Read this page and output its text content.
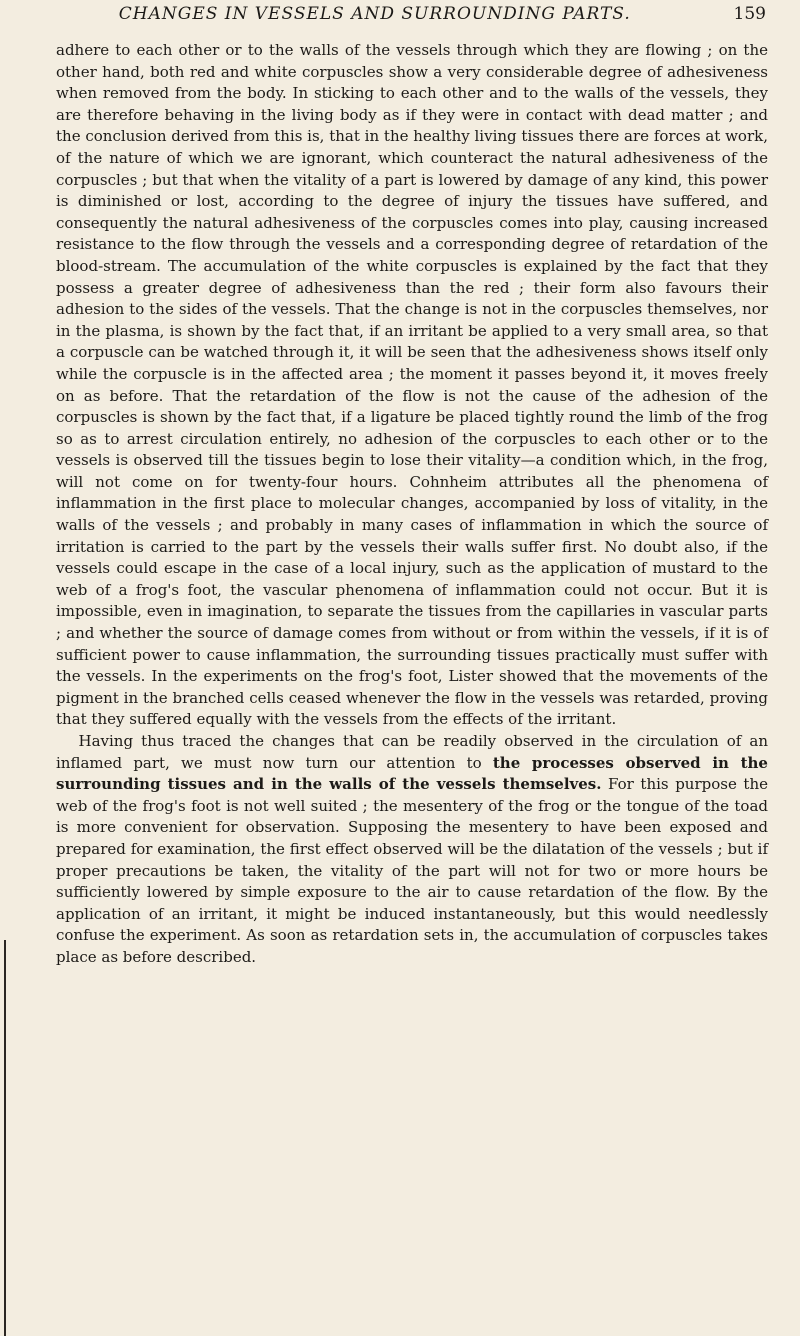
CHANGES IN VESSELS AND SURROUNDING PARTS.	159

adhere to each other or to the walls of the vessels through which they are flowing ; on the other hand, both red and white corpuscles show a very considerable degree of adhesiveness when removed from the body. In sticking to each other and to the walls of the vessels, they are therefore behaving in the living body as if they were in contact with dead matter ; and the conclusion derived from this is, that in the healthy living tissues there are forces at work, of the nature of which we are ignorant, which counteract the natural adhesiveness of the corpuscles ; but that when the vitality of a part is lowered by damage of any kind, this power is diminished or lost, according to the degree of injury the tissues have suffered, and consequently the natural adhesiveness of the corpuscles comes into play, causing increased resistance to the flow through the vessels and a corresponding degree of retardation of the blood-stream. The accumulation of the white corpuscles is explained by the fact that they possess a greater degree of adhesiveness than the red ; their form also favours their adhesion to the sides of the vessels. That the change is not in the corpuscles themselves, nor in the plasma, is shown by the fact that, if an irritant be applied to a very small area, so that a corpuscle can be watched through it, it will be seen that the adhesiveness shows itself only while the corpuscle is in the affected area ; the moment it passes beyond it, it moves freely on as before. That the retardation of the flow is not the cause of the adhesion of the corpuscles is shown by the fact that, if a ligature be placed tightly round the limb of the frog so as to arrest circulation entirely, no adhesion of the corpuscles to each other or to the vessels is observed till the tissues begin to lose their vitality—a condition which, in the frog, will not come on for twenty-four hours. Cohnheim attributes all the phenomena of inflammation in the first place to molecular changes, accompanied by loss of vitality, in the walls of the vessels ; and probably in many cases of inflammation in which the source of irritation is carried to the part by the vessels their walls suffer first. No doubt also, if the vessels could escape in the case of a local injury, such as the application of mustard to the web of a frog's foot, the vascular phenomena of inflammation could not occur. But it is impossible, even in imagination, to separate the tissues from the capillaries in vascular parts ; and whether the source of damage comes from without or from within the vessels, if it is of sufficient power to cause inflammation, the surrounding tissues practically must suffer with the vessels. In the experiments on the frog's foot, Lister showed that the movements of the pigment in the branched cells ceased whenever the flow in the vessels was retarded, proving that they suffered equally with the vessels from the effects of the irritant.

Having thus traced the changes that can be readily observed in the circulation of an inflamed part, we must now turn our attention to the processes observed in the surrounding tissues and in the walls of the vessels themselves. For this purpose the web of the frog's foot is not well suited ; the mesentery of the frog or the tongue of the toad is more convenient for observation. Supposing the mesentery to have been exposed and prepared for examination, the first effect observed will be the dilatation of the vessels ; but if proper precautions be taken, the vitality of the part will not for two or more hours be sufficiently lowered by simple exposure to the air to cause retardation of the flow. By the application of an irritant, it might be induced instantaneously, but this would needlessly confuse the experiment. As soon as retardation sets in, the accumulation of corpuscles takes place as before described.
